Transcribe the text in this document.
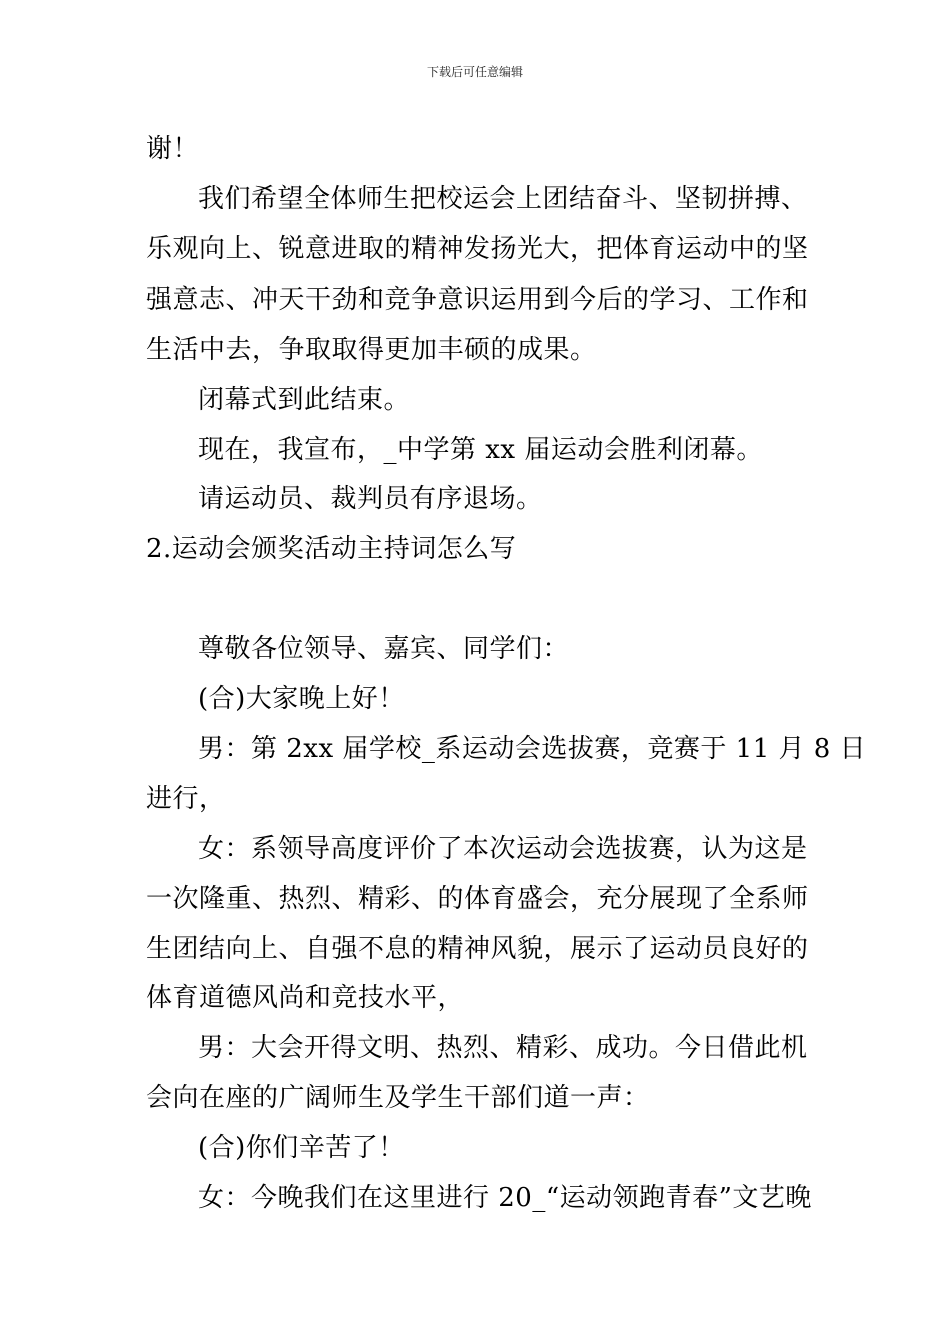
下载后可任意编辑
谢！
我们希望全体师生把校运会上团结奋斗、坚韧拼搏、
乐观向上、锐意进取的精神发扬光大，把体育运动中的坚
强意志、冲天干劲和竞争意识运用到今后的学习、工作和
生活中去，争取取得更加丰硕的成果。
闭幕式到此结束。
现在，我宣布，_中学第 xx 届运动会胜利闭幕。
请运动员、裁判员有序退场。
2.运动会颁奖活动主持词怎么写
尊敬各位领导、嘉宾、同学们：
(合)大家晚上好！
男：第 2xx 届学校_系运动会选拔赛，竞赛于 11 月 8 日
进行，
女：系领导高度评价了本次运动会选拔赛，认为这是
一次隆重、热烈、精彩、的体育盛会，充分展现了全系师
生团结向上、自强不息的精神风貌，展示了运动员良好的
体育道德风尚和竞技水平，
男：大会开得文明、热烈、精彩、成功。今日借此机
会向在座的广阔师生及学生干部们道一声：
(合)你们辛苦了！
女：今晚我们在这里进行 20_“运动领跑青春”文艺晚
